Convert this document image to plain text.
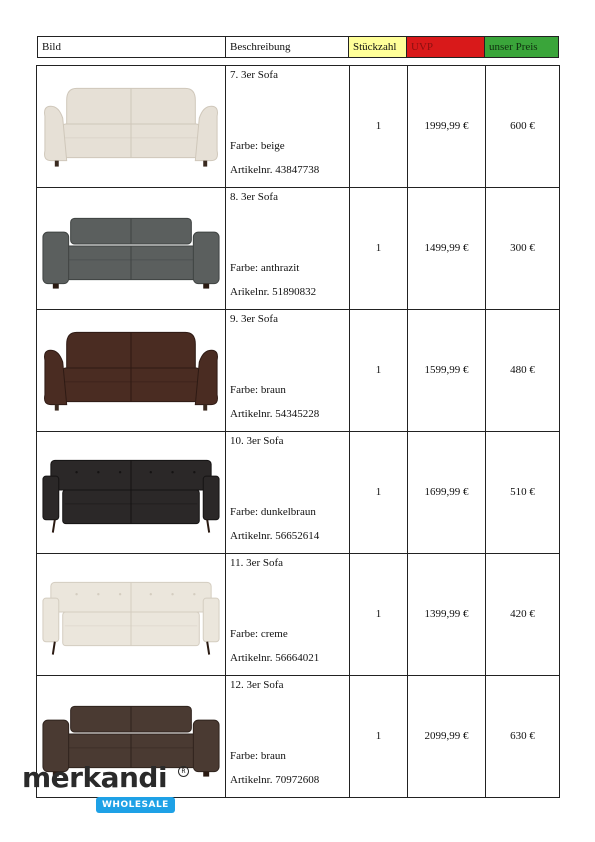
Bild	Beschreibung	Stückzahl	UVP	unser Preis
7. 3er Sofa
Farbe: beige
Artikelnr. 43847738
1	1999,99 €	600 €
8. 3er Sofa
Farbe: anthrazit
Arikelnr. 51890832
1	1499,99 €	300 €
9. 3er Sofa
Farbe: braun
Artikelnr. 54345228
1	1599,99 €	480 €
10. 3er Sofa
Farbe: dunkelbraun
Artikelnr. 56652614
1	1699,99 €	510 €
11. 3er Sofa
Farbe: creme
Artikelnr. 56664021
1	1399,99 €	420 €
12. 3er Sofa
Farbe: braun
Artikelnr. 70972608
1	2099,99 €	630 €
merkandi	R
WHOLESALE
